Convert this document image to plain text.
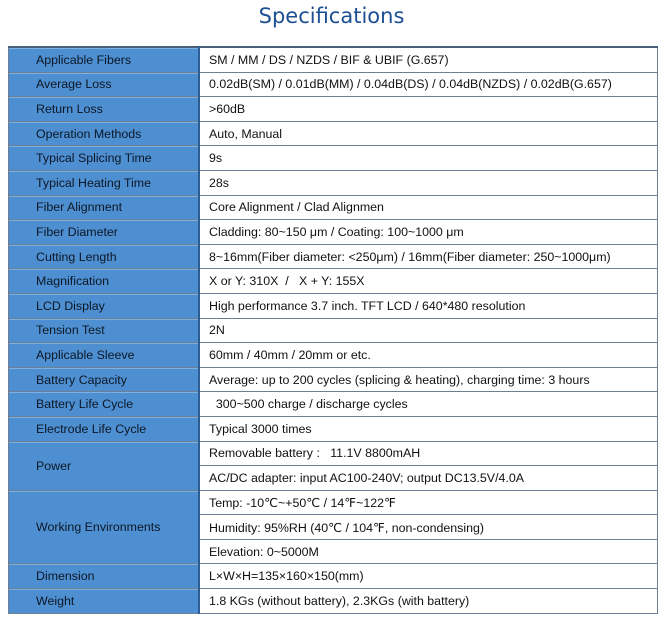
Specifications
Applicable Fibers	SM / MM / DS / NZDS / BIF & UBIF (G.657)
Average Loss	0.02dB(SM) / 0.01dB(MM) / 0.04dB(DS) / 0.04dB(NZDS) / 0.02dB(G.657)
Return Loss	>60dB
Operation Methods	Auto, Manual
Typical Splicing Time	9s
Typical Heating Time	28s
Fiber Alignment	Core Alignment / Clad Alignmen
Fiber Diameter	Cladding: 80~150 μm / Coating: 100~1000 μm
Cutting Length	8~16mm(Fiber diameter: <250μm) / 16mm(Fiber diameter: 250~1000μm)
Magnification	X or Y: 310X  /   X + Y: 155X
LCD Display	High performance 3.7 inch. TFT LCD / 640*480 resolution
Tension Test	2N
Applicable Sleeve	60mm / 40mm / 20mm or etc.
Battery Capacity	Average: up to 200 cycles (splicing & heating), charging time: 3 hours
Battery Life Cycle	300~500 charge / discharge cycles
Electrode Life Cycle	Typical 3000 times
Power	Removable battery :   11.1V 8800mAH
	AC/DC adapter: input AC100-240V; output DC13.5V/4.0A
Working Environments	Temp: -10℃~+50℃ / 14℉~122℉
	Humidity: 95%RH (40℃ / 104℉, non-condensing)
	Elevation: 0~5000M
Dimension	L×W×H=135×160×150(mm)
Weight	1.8 KGs (without battery), 2.3KGs (with battery)
